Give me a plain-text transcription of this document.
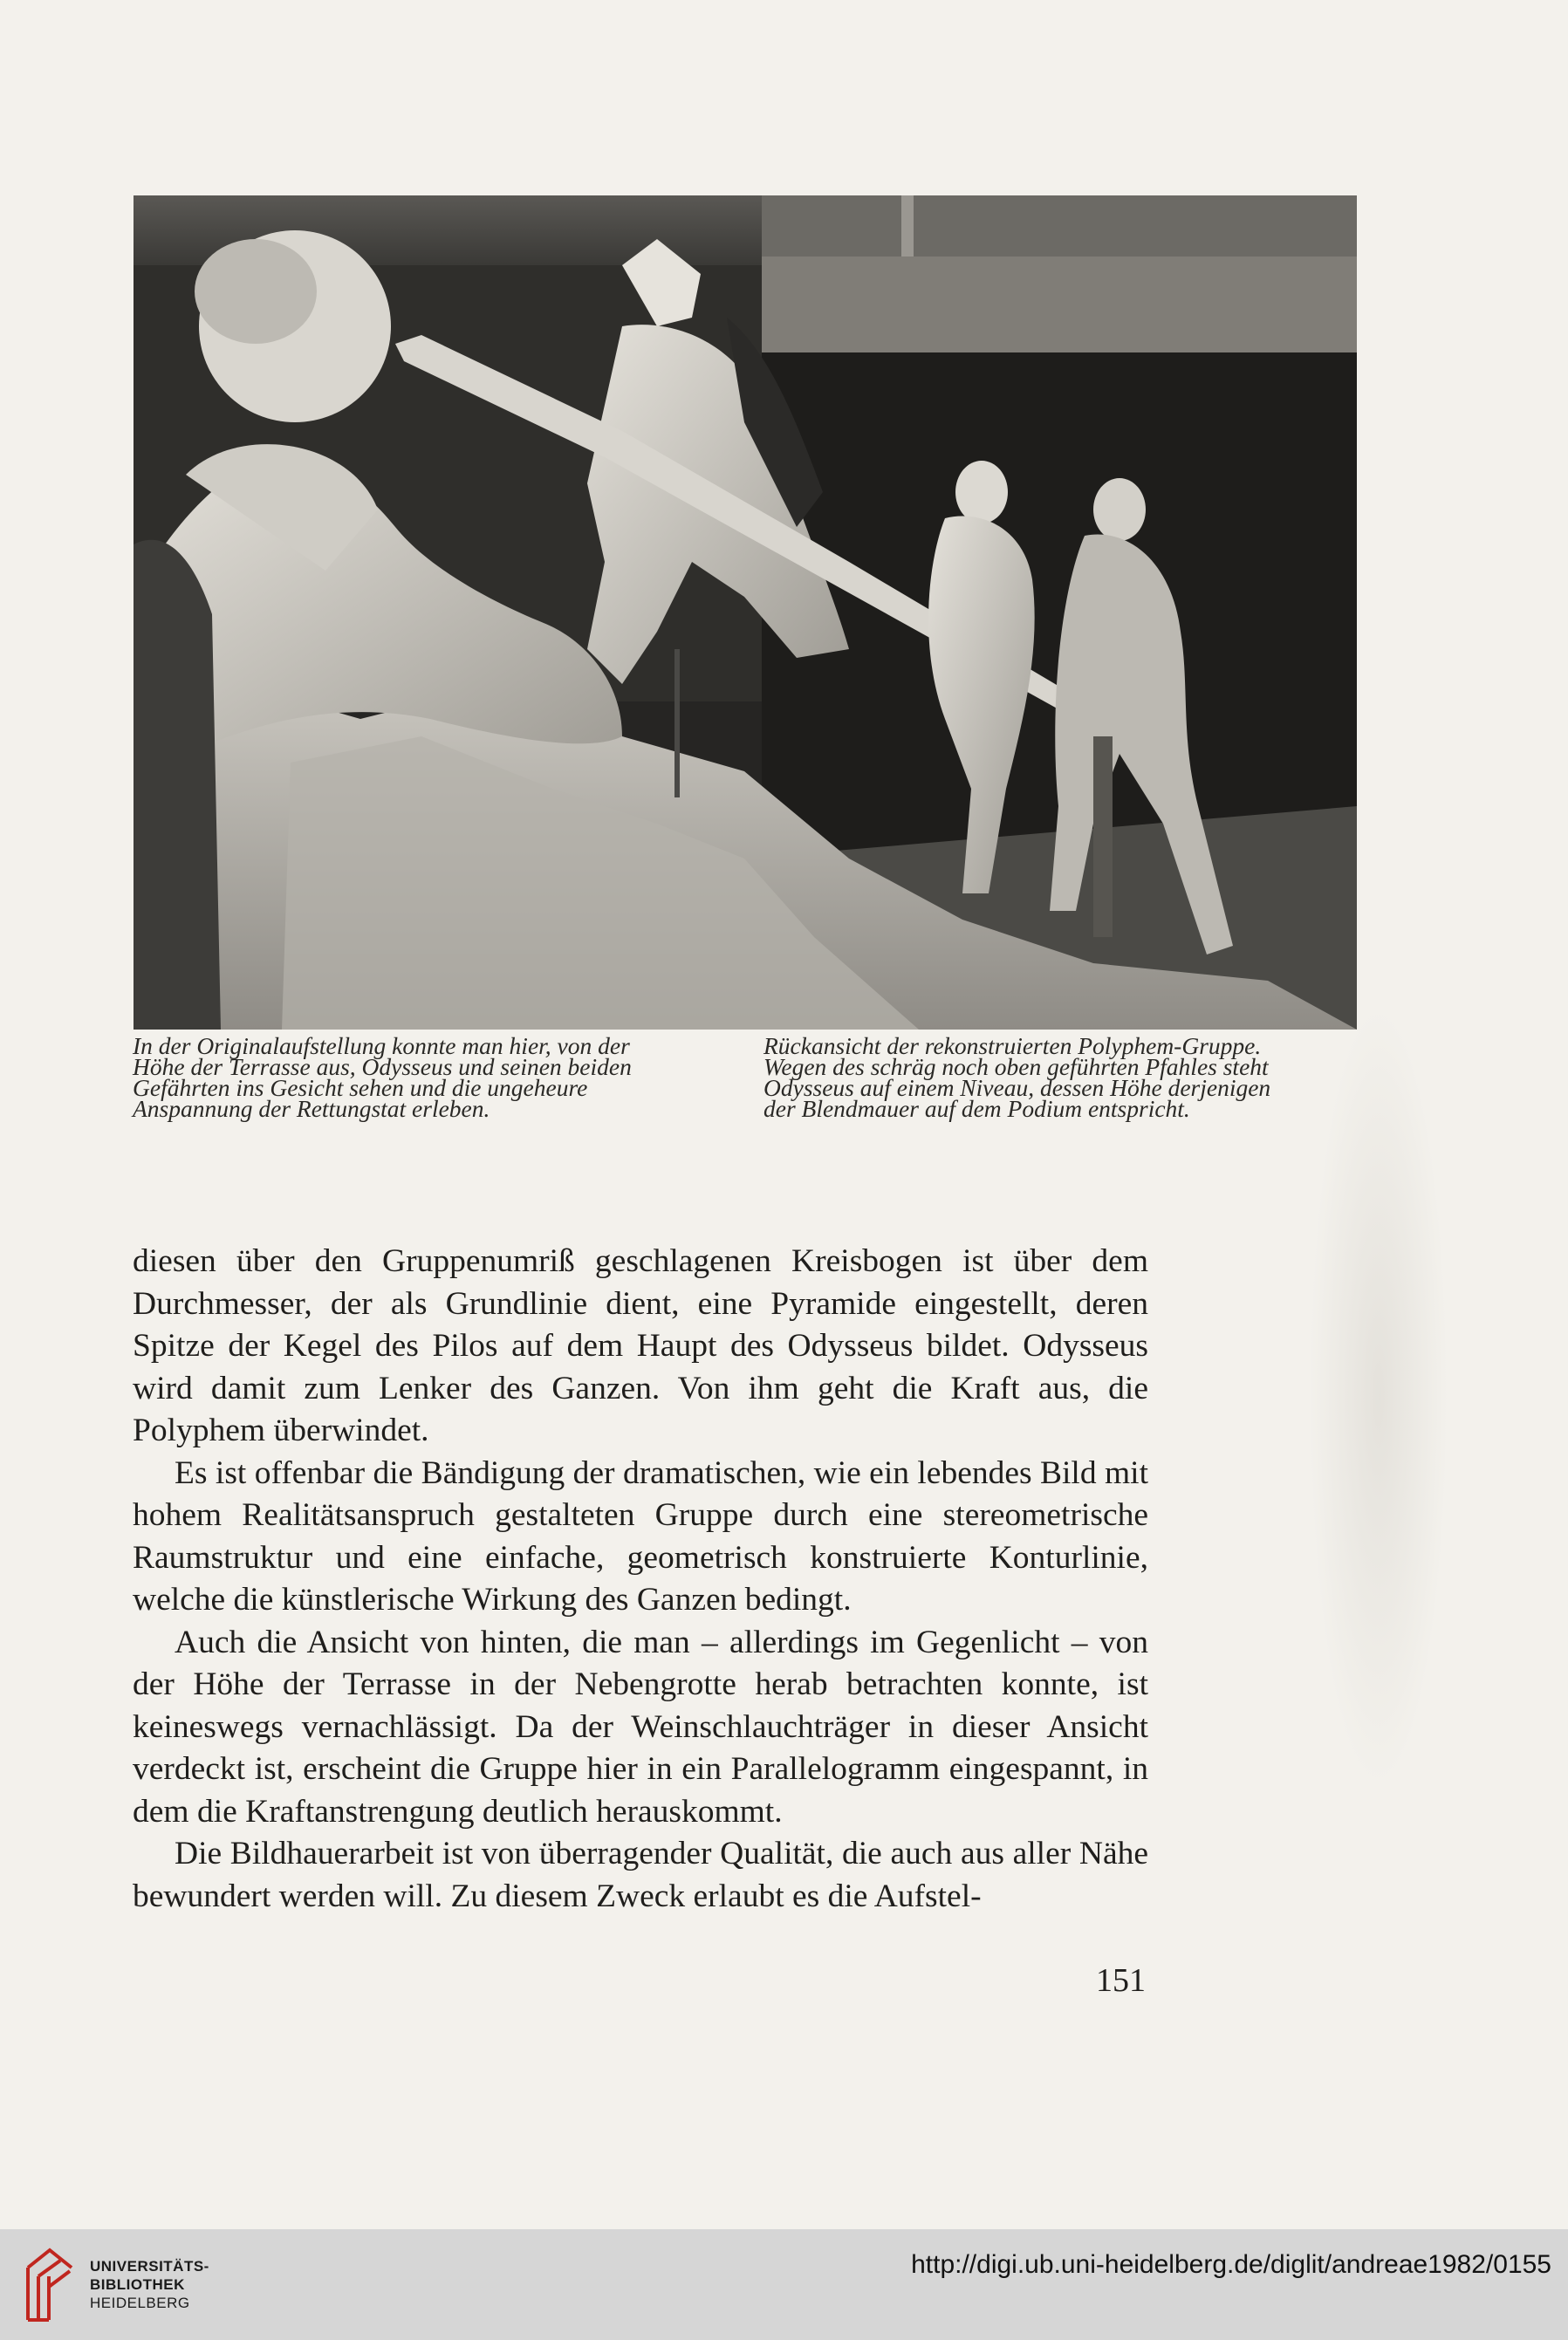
In der Originalaufstellung konnte man hier, von der

Höhe der Terrasse aus, Odysseus und seinen beiden

Gefährten ins Gesicht sehen und die ungeheure

Anspannung der Rettungstat erleben.

Rückansicht der rekonstruierten Polyphem-Gruppe.

Wegen des schräg noch oben geführten Pfahles steht

Odysseus auf einem Niveau, dessen Höhe derjenigen

der Blendmauer auf dem Podium entspricht.

diesen über den Gruppenumriß geschlagenen Kreisbogen ist über dem Durchmesser, der als Grundlinie dient, eine Pyramide eingestellt, deren Spitze der Kegel des Pilos auf dem Haupt des Odysseus bildet. Odysseus wird damit zum Lenker des Ganzen. Von ihm geht die Kraft aus, die Polyphem überwindet.

Es ist offenbar die Bändigung der dramatischen, wie ein lebendes Bild mit hohem Realitätsanspruch gestalteten Gruppe durch eine stereometrische Raumstruktur und eine einfache, geometrisch konstruierte Konturlinie, welche die künstlerische Wirkung des Ganzen bedingt.

Auch die Ansicht von hinten, die man – allerdings im Gegenlicht – von der Höhe der Terrasse in der Nebengrotte herab betrachten konnte, ist keineswegs vernachlässigt. Da der Weinschlauchträger in dieser Ansicht verdeckt ist, erscheint die Gruppe hier in ein Parallelogramm eingespannt, in dem die Kraftanstrengung deutlich herauskommt.

Die Bildhauerarbeit ist von überragender Qualität, die auch aus aller Nähe bewundert werden will. Zu diesem Zweck erlaubt es die Aufstel-

151
UNIVERSITÄTS-
BIBLIOTHEK
HEIDELBERG
http://digi.ub.uni-heidelberg.de/diglit/andreae1982/0155
